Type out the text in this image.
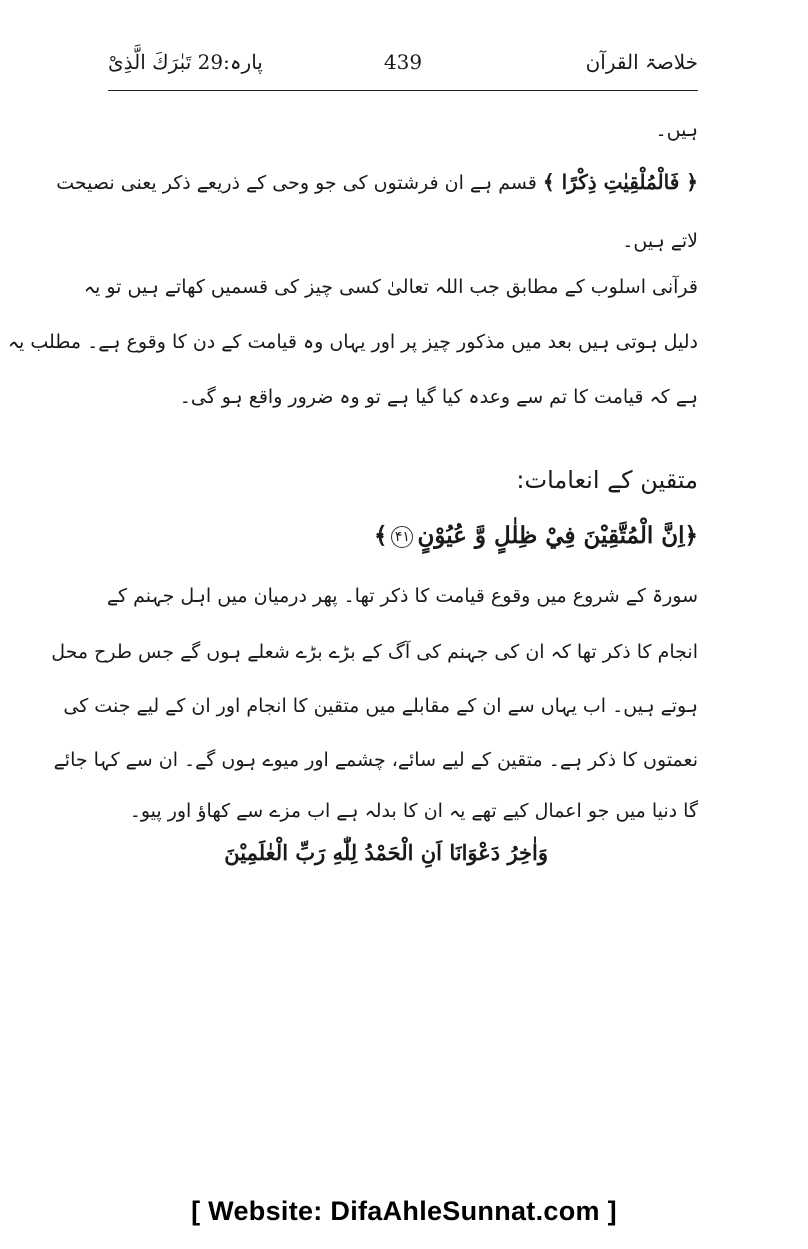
خلاصۃ القرآن
439
پارہ:29 تَبٰرَكَ الَّذِىْ
ہیں۔
﴿ فَالْمُلْقِيٰتِ ذِكْرًا ﴾ قسم ہے ان فرشتوں کی جو وحی کے ذریعے ذکر یعنی نصیحت
لاتے ہیں۔
قرآنی اسلوب کے مطابق جب اللہ تعالیٰ کسی چیز کی قسمیں کھاتے ہیں تو یہ
دلیل ہوتی ہیں بعد میں مذکور چیز پر اور یہاں وہ قیامت کے دن کا وقوع ہے۔ مطلب یہ
ہے کہ قیامت کا تم سے وعدہ کیا گیا ہے تو وہ ضرور واقع ہو گی۔
متقین کے انعامات:
﴿اِنَّ الْمُتَّقِيْنَ فِيْ ظِلٰلٍ وَّ عُيُوْنٍ۴۱﴾
سورۃ کے شروع میں وقوع قیامت کا ذکر تھا۔ پھر درمیان میں اہل جہنم کے
انجام کا ذکر تھا کہ ان کی جہنم کی آگ کے بڑے بڑے شعلے ہوں گے جس طرح محل
ہوتے ہیں۔ اب یہاں سے ان کے مقابلے میں متقین کا انجام اور ان کے لیے جنت کی
نعمتوں کا ذکر ہے۔ متقین کے لیے سائے، چشمے اور میوے ہوں گے۔ ان سے کہا جائے
گا دنیا میں جو اعمال کیے تھے یہ ان کا بدلہ ہے اب مزے سے کھاؤ اور پیو۔
وَاٰخِرُ دَعْوَانَا اَنِ الْحَمْدُ لِلّٰهِ رَبِّ الْعٰلَمِيْنَ
[ Website: DifaAhleSunnat.com ]
